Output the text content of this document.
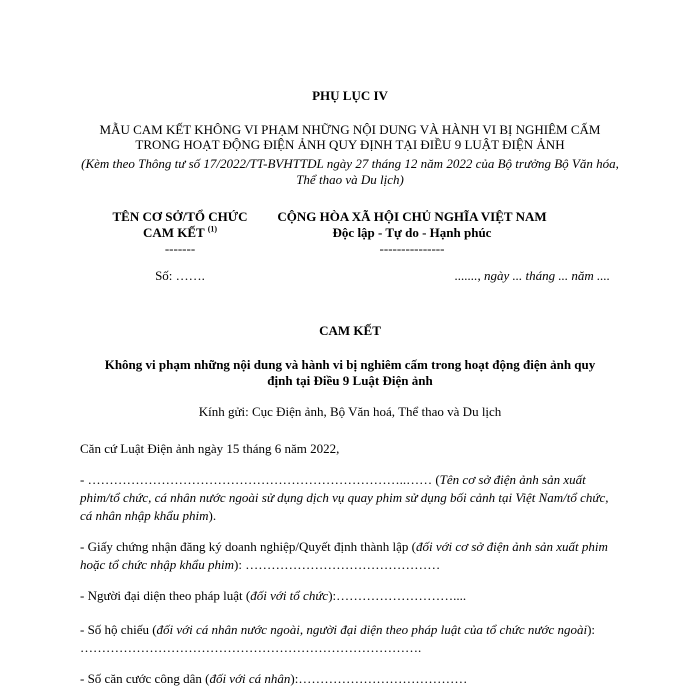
PHỤ LỤC IV
MẪU CAM KẾT KHÔNG VI PHẠM NHỮNG NỘI DUNG VÀ HÀNH VI BỊ NGHIÊM CẤM TRONG HOẠT ĐỘNG ĐIỆN ẢNH QUY ĐỊNH TẠI ĐIỀU 9 LUẬT ĐIỆN ẢNH
(Kèm theo Thông tư số 17/2022/TT-BVHTTDL ngày 27 tháng 12 năm 2022 của Bộ trưởng Bộ Văn hóa, Thể thao và Du lịch)
TÊN CƠ SỞ/TỔ CHỨC
CAM KẾT $^{(1)}$
-------
CỘNG HÒA XÃ HỘI CHỦ NGHĨA VIỆT NAM
Độc lập - Tự do - Hạnh phúc
---------------
Số: …….	......., ngày ... tháng ... năm ....
CAM KẾT
Không vi phạm những nội dung và hành vi bị nghiêm cấm trong hoạt động điện ảnh quy định tại Điều 9 Luật Điện ảnh
Kính gửi: Cục Điện ảnh, Bộ Văn hoá, Thể thao và Du lịch
Căn cứ Luật Điện ảnh ngày 15 tháng 6 năm 2022,
- ………………………………………………………………..…… (Tên cơ sở điện ảnh sản xuất phim/tổ chức, cá nhân nước ngoài sử dụng dịch vụ quay phim sử dụng bối cảnh tại Việt Nam/tổ chức, cá nhân nhập khẩu phim).
- Giấy chứng nhận đăng ký doanh nghiệp/Quyết định thành lập (đối với cơ sở điện ảnh sản xuất phim hoặc tổ chức nhập khẩu phim): ………………………………………
- Người đại diện theo pháp luật (đối với tổ chức):………………………....
- Số hộ chiếu (đối với cá nhân nước ngoài, người đại diện theo pháp luật của tổ chức nước ngoài): …………………………………………………………………….
- Số căn cước công dân (đối với cá nhân):…………………………………
